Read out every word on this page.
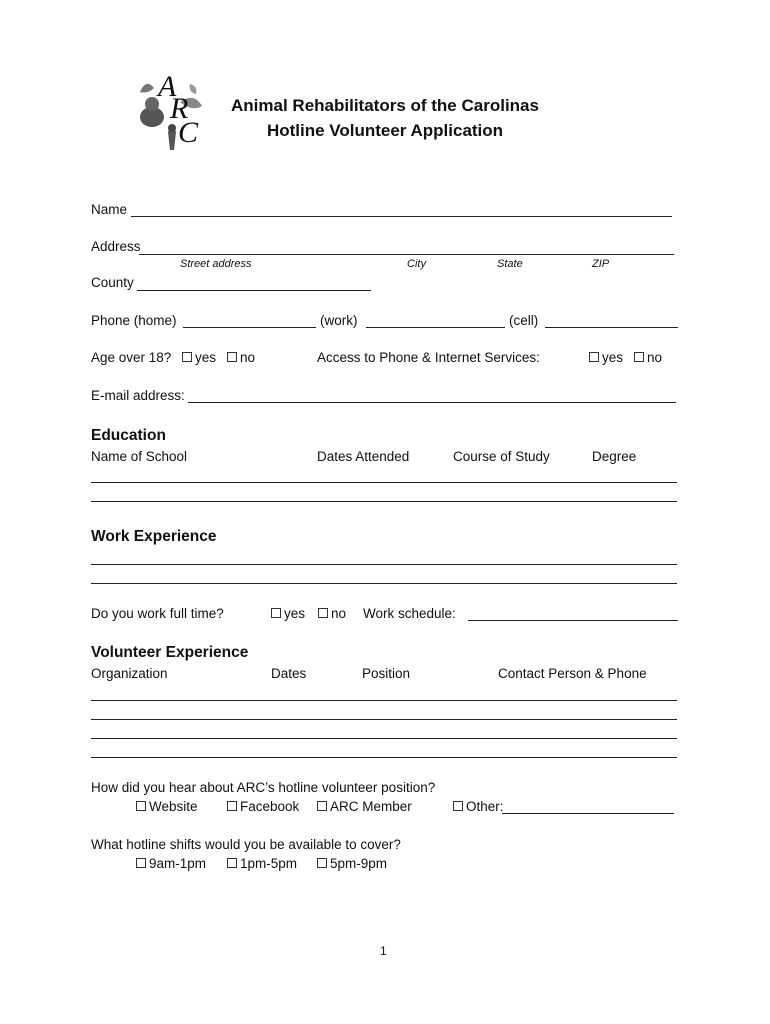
A
R
C
Animal Rehabilitators of the Carolinas
Hotline Volunteer Application
Name
Address
Street address	City	State	ZIP
County
Phone (home)	(work)	(cell)
Age over 18?	yes	no	Access to Phone & Internet Services:	yes	no
E-mail address:
Education
Name of School	Dates Attended	Course of Study	Degree
Work Experience
Do you work full time?	yes	no Work schedule:
Volunteer Experience
Organization	Dates	Position	Contact Person & Phone
How did you hear about ARC’s hotline volunteer position?
Website	Facebook	ARC Member	Other:
What hotline shifts would you be available to cover?
9am-1pm	1pm-5pm	5pm-9pm
1
